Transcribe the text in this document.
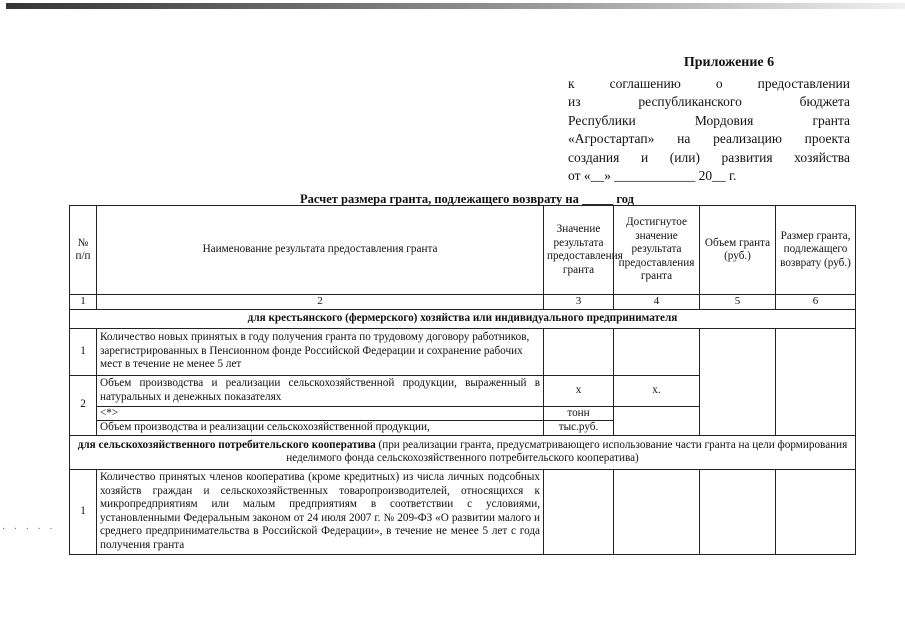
Приложение 6
к соглашению о предоставлении
из республиканского бюджета
Республики Мордовия гранта
«Агростартап» на реализацию проекта
создания и (или) развития хозяйства
от «__» ____________ 20__ г.
Расчет размера гранта, подлежащего возврату на _____ год
№ п/п	Наименование результата предоставления гранта	Значение результата предоставления гранта	Достигнутое значение результата предоставления гранта	Объем гранта (руб.)	Размер гранта, подлежащего возврату (руб.)
1	2	3	4	5	6
для крестьянского (фермерского) хозяйства или индивидуального предпринимателя					
1	Количество новых принятых в году получения гранта по трудовому договору работников, зарегистрированных в Пенсионном фонде Российской Федерации и сохранение рабочих мест в течение не менее 5 лет				
2	Объем производства и реализации сельскохозяйственной продукции, выраженный в натуральных и денежных показателях	х	х.		
	<*>	тонн			
	Объем производства и реализации сельскохозяйственной продукции,	тыс.руб.			
для сельскохозяйственного потребительского кооператива (при реализации гранта, предусматривающего использование части гранта на цели формирования неделимого фонда сельскохозяйственного потребительского кооператива)					
1	Количество принятых членов кооператива (кроме кредитных) из числа личных подсобных хозяйств граждан и сельскохозяйственных товаропроизводителей, относящихся к микропредприятиям или малым предприятиям в соответствии с условиями, установленными Федеральным законом от 24 июля 2007 г. № 209-ФЗ «О развитии малого и среднего предпринимательства в Российской Федерации», в течение не менее 5 лет с года получения гранта				
· · · · ·
